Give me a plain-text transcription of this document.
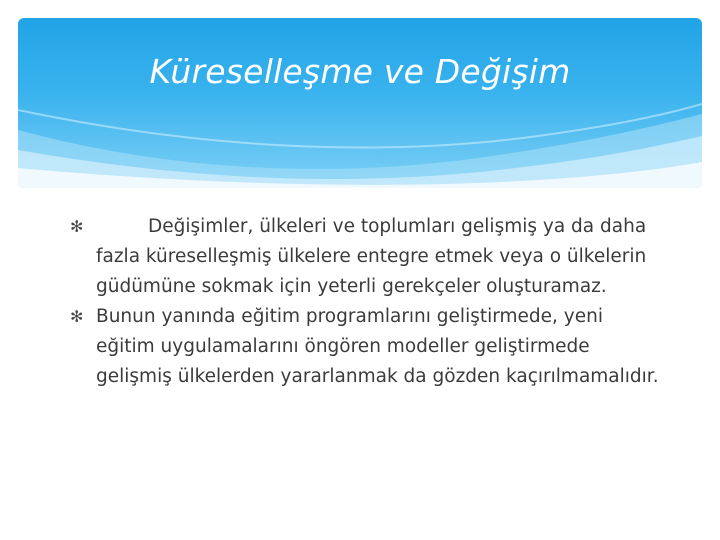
Küreselleşme ve Değişim
✻	Değişimler, ülkeleri ve toplumları gelişmiş ya da daha fazla küreselleşmiş ülkelere entegre etmek veya o ülkelerin güdümüne sokmak için yeterli gerekçeler oluşturamaz.
✻ Bunun yanında eğitim programlarını geliştirmede, yeni eğitim uygulamalarını öngören modeller geliştirmede gelişmiş ülkelerden yararlanmak da gözden kaçırılmamalıdır.
